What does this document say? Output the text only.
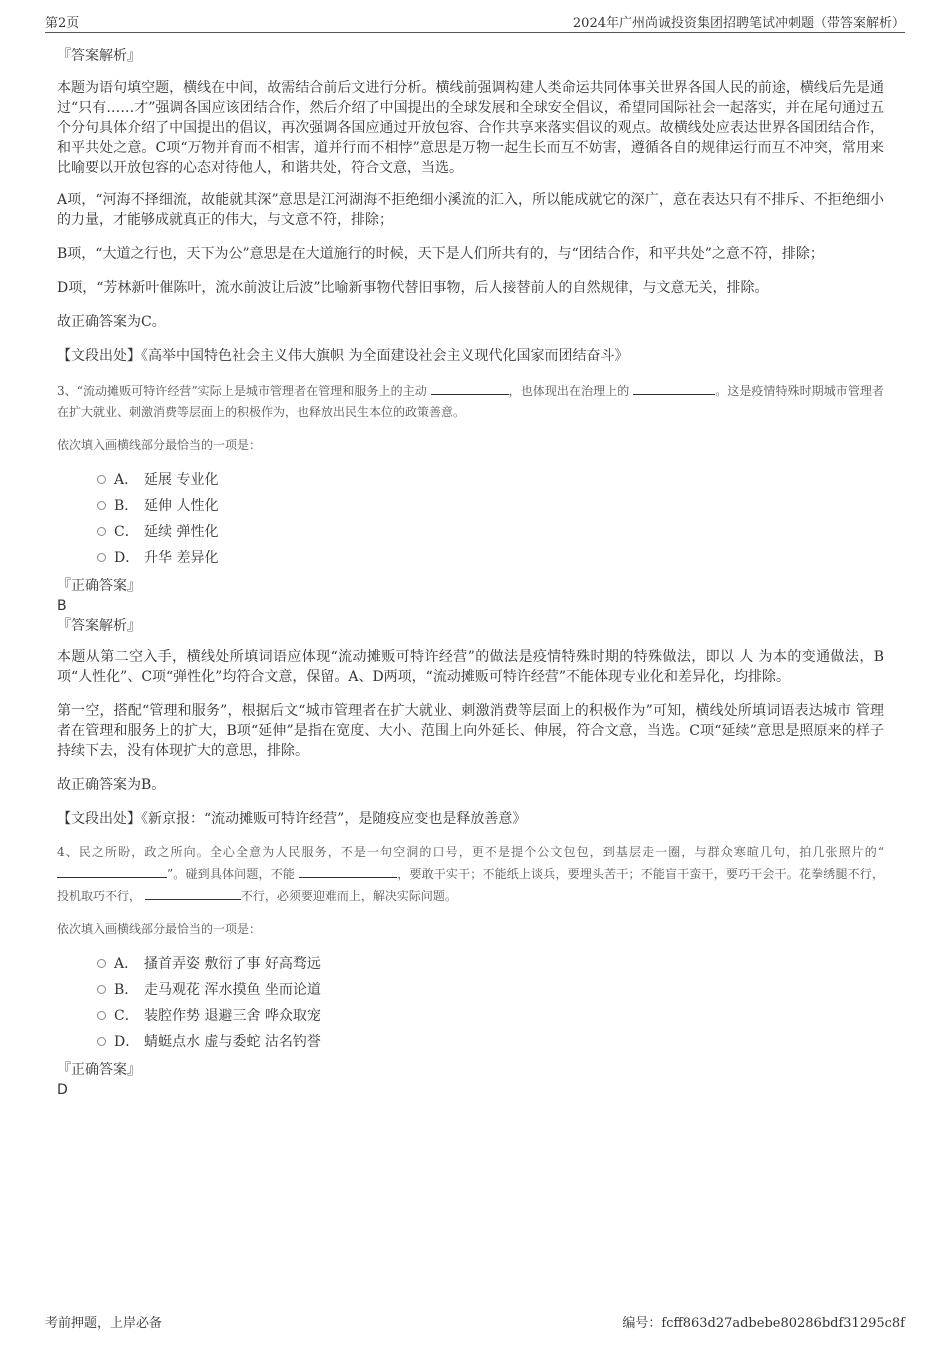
第2页	2024年广州尚诚投资集团招聘笔试冲刺题（带答案解析）
『答案解析』

本题为语句填空题，横线在中间，故需结合前后文进行分析。横线前强调构建人类命运共同体事关世界各国人民的前途，横线后先是通过“只有……才”强调各国应该团结合作，然后介绍了中国提出的全球发展和全球安全倡议，希望同国际社会一起落实，并在尾句通过五个分句具体介绍了中国提出的倡议，再次强调各国应通过开放包容、合作共享来落实倡议的观点。故横线处应表达世界各国团结合作，和平共处之意。C项“万物并育而不相害，道并行而不相悖”意思是万物一起生长而互不妨害，遵循各自的规律运行而互不冲突，常用来比喻要以开放包容的心态对待他人，和谐共处，符合文意，当选。

A项，“河海不择细流，故能就其深”意思是江河湖海不拒绝细小溪流的汇入，所以能成就它的深广，意在表达只有不排斥、不拒绝细小的力量，才能够成就真正的伟大，与文意不符，排除；

B项，“大道之行也，天下为公”意思是在大道施行的时候，天下是人们所共有的，与“团结合作，和平共处”之意不符，排除；

D项，“芳林新叶催陈叶，流水前波让后波”比喻新事物代替旧事物，后人接替前人的自然规律，与文意无关，排除。

故正确答案为C。

【文段出处】《高举中国特色社会主义伟大旗帜 为全面建设社会主义现代化国家而团结奋斗》

3、“流动摊贩可特许经营”实际上是城市管理者在管理和服务上的主动	，也体现出在治理上的	。这是疫情特殊时期城市管理者在扩大就业、刺激消费等层面上的积极作为，也释放出民生本位的政策善意。

依次填入画横线部分最恰当的一项是：

A． 延展 专业化
B． 延伸 人性化
C． 延续 弹性化
D． 升华 差异化
『正确答案』
B
『答案解析』

本题从第二空入手，横线处所填词语应体现“流动摊贩可特许经营”的做法是疫情特殊时期的特殊做法，即以 人 为本的变通做法，B项“人性化”、C项“弹性化”均符合文意，保留。A、D两项，“流动摊贩可特许经营”不能体现专业化和差异化，均排除。

第一空，搭配“管理和服务”，根据后文“城市管理者在扩大就业、刺激消费等层面上的积极作为”可知，横线处所填词语表达城市 管理者在管理和服务上的扩大，B项“延伸”是指在宽度、大小、范围上向外延长、伸展，符合文意，当选。C项“延续”意思是照原来的样子持续下去，没有体现扩大的意思，排除。

故正确答案为B。

【文段出处】《新京报：“流动摊贩可特许经营”，是随疫应变也是释放善意》

4、民之所盼，政之所向。全心全意为人民服务，不是一句空洞的口号，更不是提个公文包包，到基层走一圈，与群众寒暄几句，拍几张照片的“”。碰到具体问题，不能	，要敢干实干；不能纸上谈兵，要埋头苦干；不能盲干蛮干，要巧干会干。花拳绣腿不行，投机取巧不行，	不行，必须要迎难而上，解决实际问题。

依次填入画横线部分最恰当的一项是：

A． 搔首弄姿 敷衍了事 好高骛远
B． 走马观花 浑水摸鱼 坐而论道
C． 装腔作势 退避三舍 哗众取宠
D． 蜻蜓点水 虚与委蛇 沽名钓誉
『正确答案』
D
考前押题，上岸必备	编号：fcff863d27adbebe80286bdf31295c8f
